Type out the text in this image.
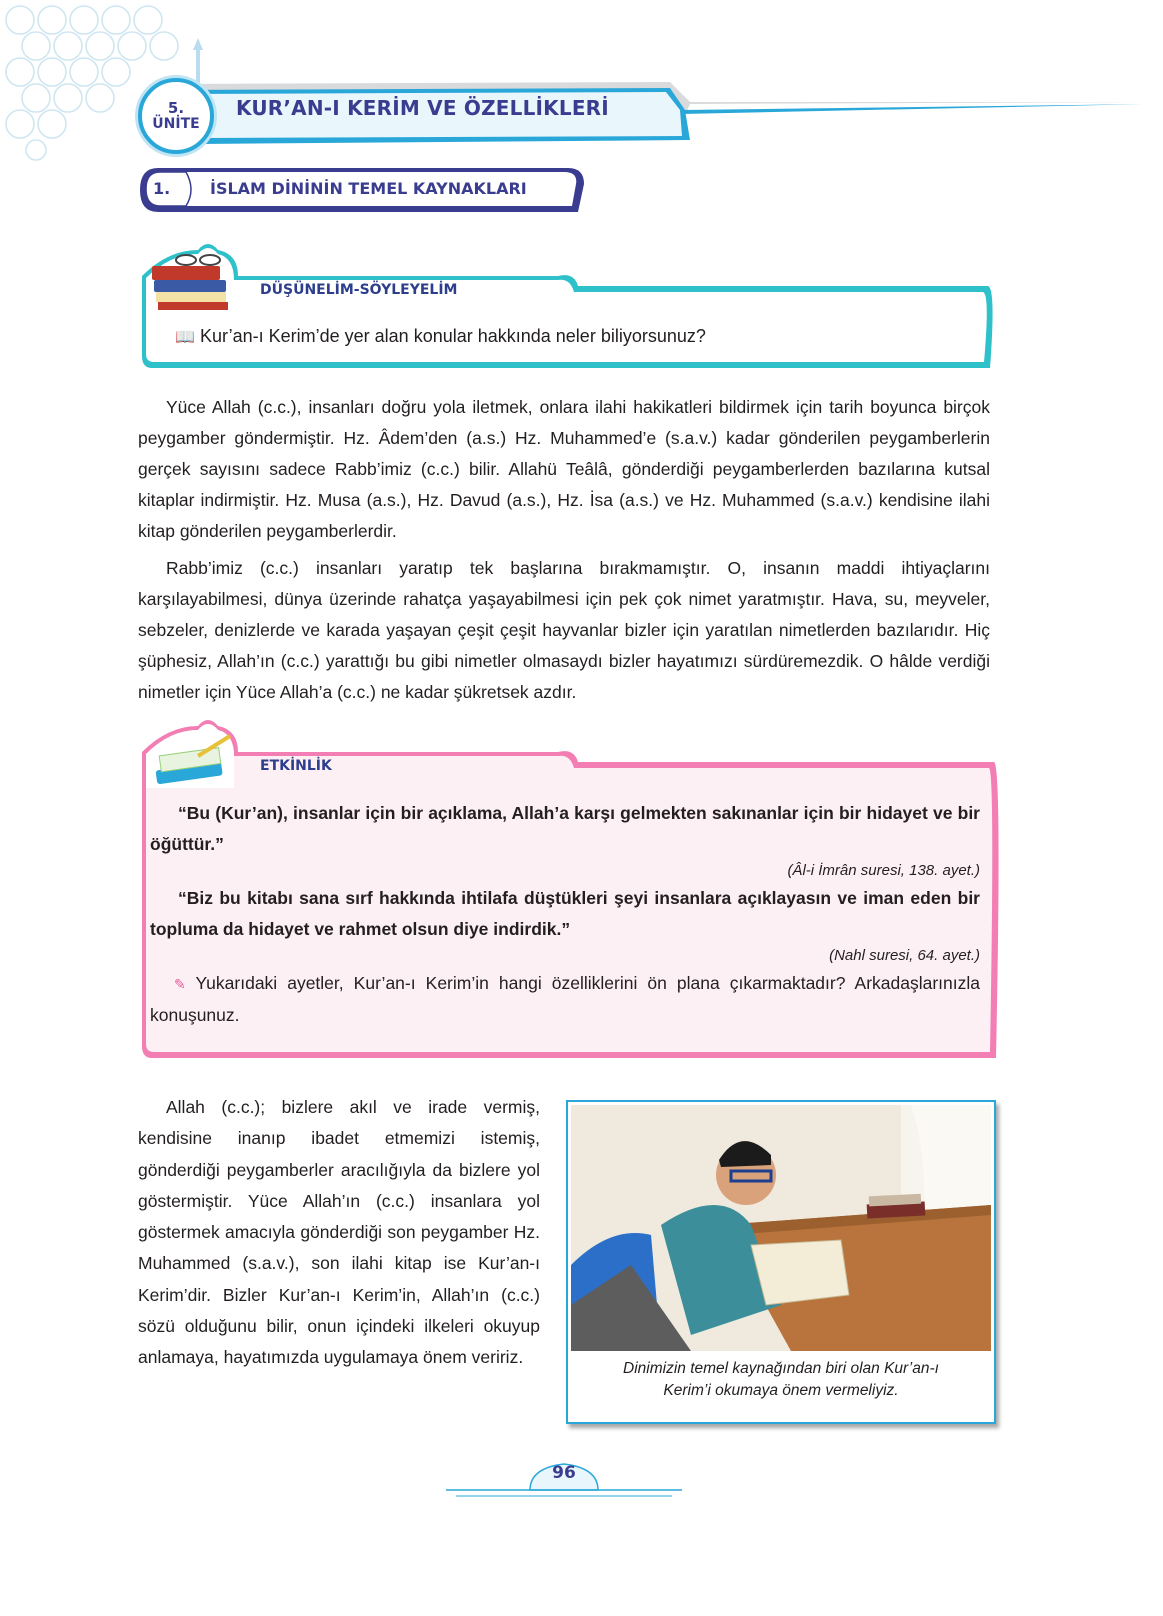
5.
ÜNİTE
KUR’AN-I KERİM VE ÖZELLİKLERİ
1. İSLAM DİNİNİN TEMEL KAYNAKLARI
DÜŞÜNELİM-SÖYLEYELİM
📖 Kur’an-ı Kerim’de yer alan konular hakkında neler biliyorsunuz?

Yüce Allah (c.c.), insanları doğru yola iletmek, onlara ilahi hakikatleri bildirmek için tarih boyunca birçok peygamber göndermiştir. Hz. Âdem’den (a.s.) Hz. Muhammed’e (s.a.v.) kadar gönderilen peygamberlerin gerçek sayısını sadece Rabb’imiz (c.c.) bilir. Allahü Teâlâ, gönderdiği peygamberlerden bazılarına kutsal kitaplar indirmiştir. Hz. Musa (a.s.), Hz. Davud (a.s.), Hz. İsa (a.s.) ve Hz. Muhammed (s.a.v.) kendisine ilahi kitap gönderilen peygamberlerdir.

Rabb’imiz (c.c.) insanları yaratıp tek başlarına bırakmamıştır. O, insanın maddi ihtiyaçlarını karşılayabilmesi, dünya üzerinde rahatça yaşayabilmesi için pek çok nimet yaratmıştır. Hava, su, meyveler, sebzeler, denizlerde ve karada yaşayan çeşit çeşit hayvanlar bizler için yaratılan nimetlerden bazılarıdır. Hiç şüphesiz, Allah’ın (c.c.) yarattığı bu gibi nimetler olmasaydı bizler hayatımızı sürdüremezdik. O hâlde verdiği nimetler için Yüce Allah’a (c.c.) ne kadar şükretsek azdır.

ETKİNLİK

“Bu (Kur’an), insanlar için bir açıklama, Allah’a karşı gelmekten sakınanlar için bir hidayet ve bir öğüttür.”

(Âl-i İmrân suresi, 138. ayet.)

“Biz bu kitabı sana sırf hakkında ihtilafa düştükleri şeyi insanlara açıklayasın ve iman eden bir topluma da hidayet ve rahmet olsun diye indirdik.”

(Nahl suresi, 64. ayet.)

✎ Yukarıdaki ayetler, Kur’an-ı Kerim’in hangi özelliklerini ön plana çıkarmaktadır? Arkadaşlarınızla konuşunuz.

Allah (c.c.); bizlere akıl ve irade vermiş, kendisine inanıp ibadet etmemizi istemiş, gönderdiği peygamberler aracılığıyla da bizlere yol göstermiştir. Yüce Allah’ın (c.c.) insanlara yol göstermek amacıyla gönderdiği son peygamber Hz. Muhammed (s.a.v.), son ilahi kitap ise Kur’an-ı Kerim’dir. Bizler Kur’an-ı Kerim’in, Allah’ın (c.c.) sözü olduğunu bilir, onun içindeki ilkeleri okuyup anlamaya, hayatımızda uygulamaya önem veririz.

Dinimizin temel kaynağından biri olan Kur’an-ı
Kerim’i okumaya önem vermeliyiz.
96
